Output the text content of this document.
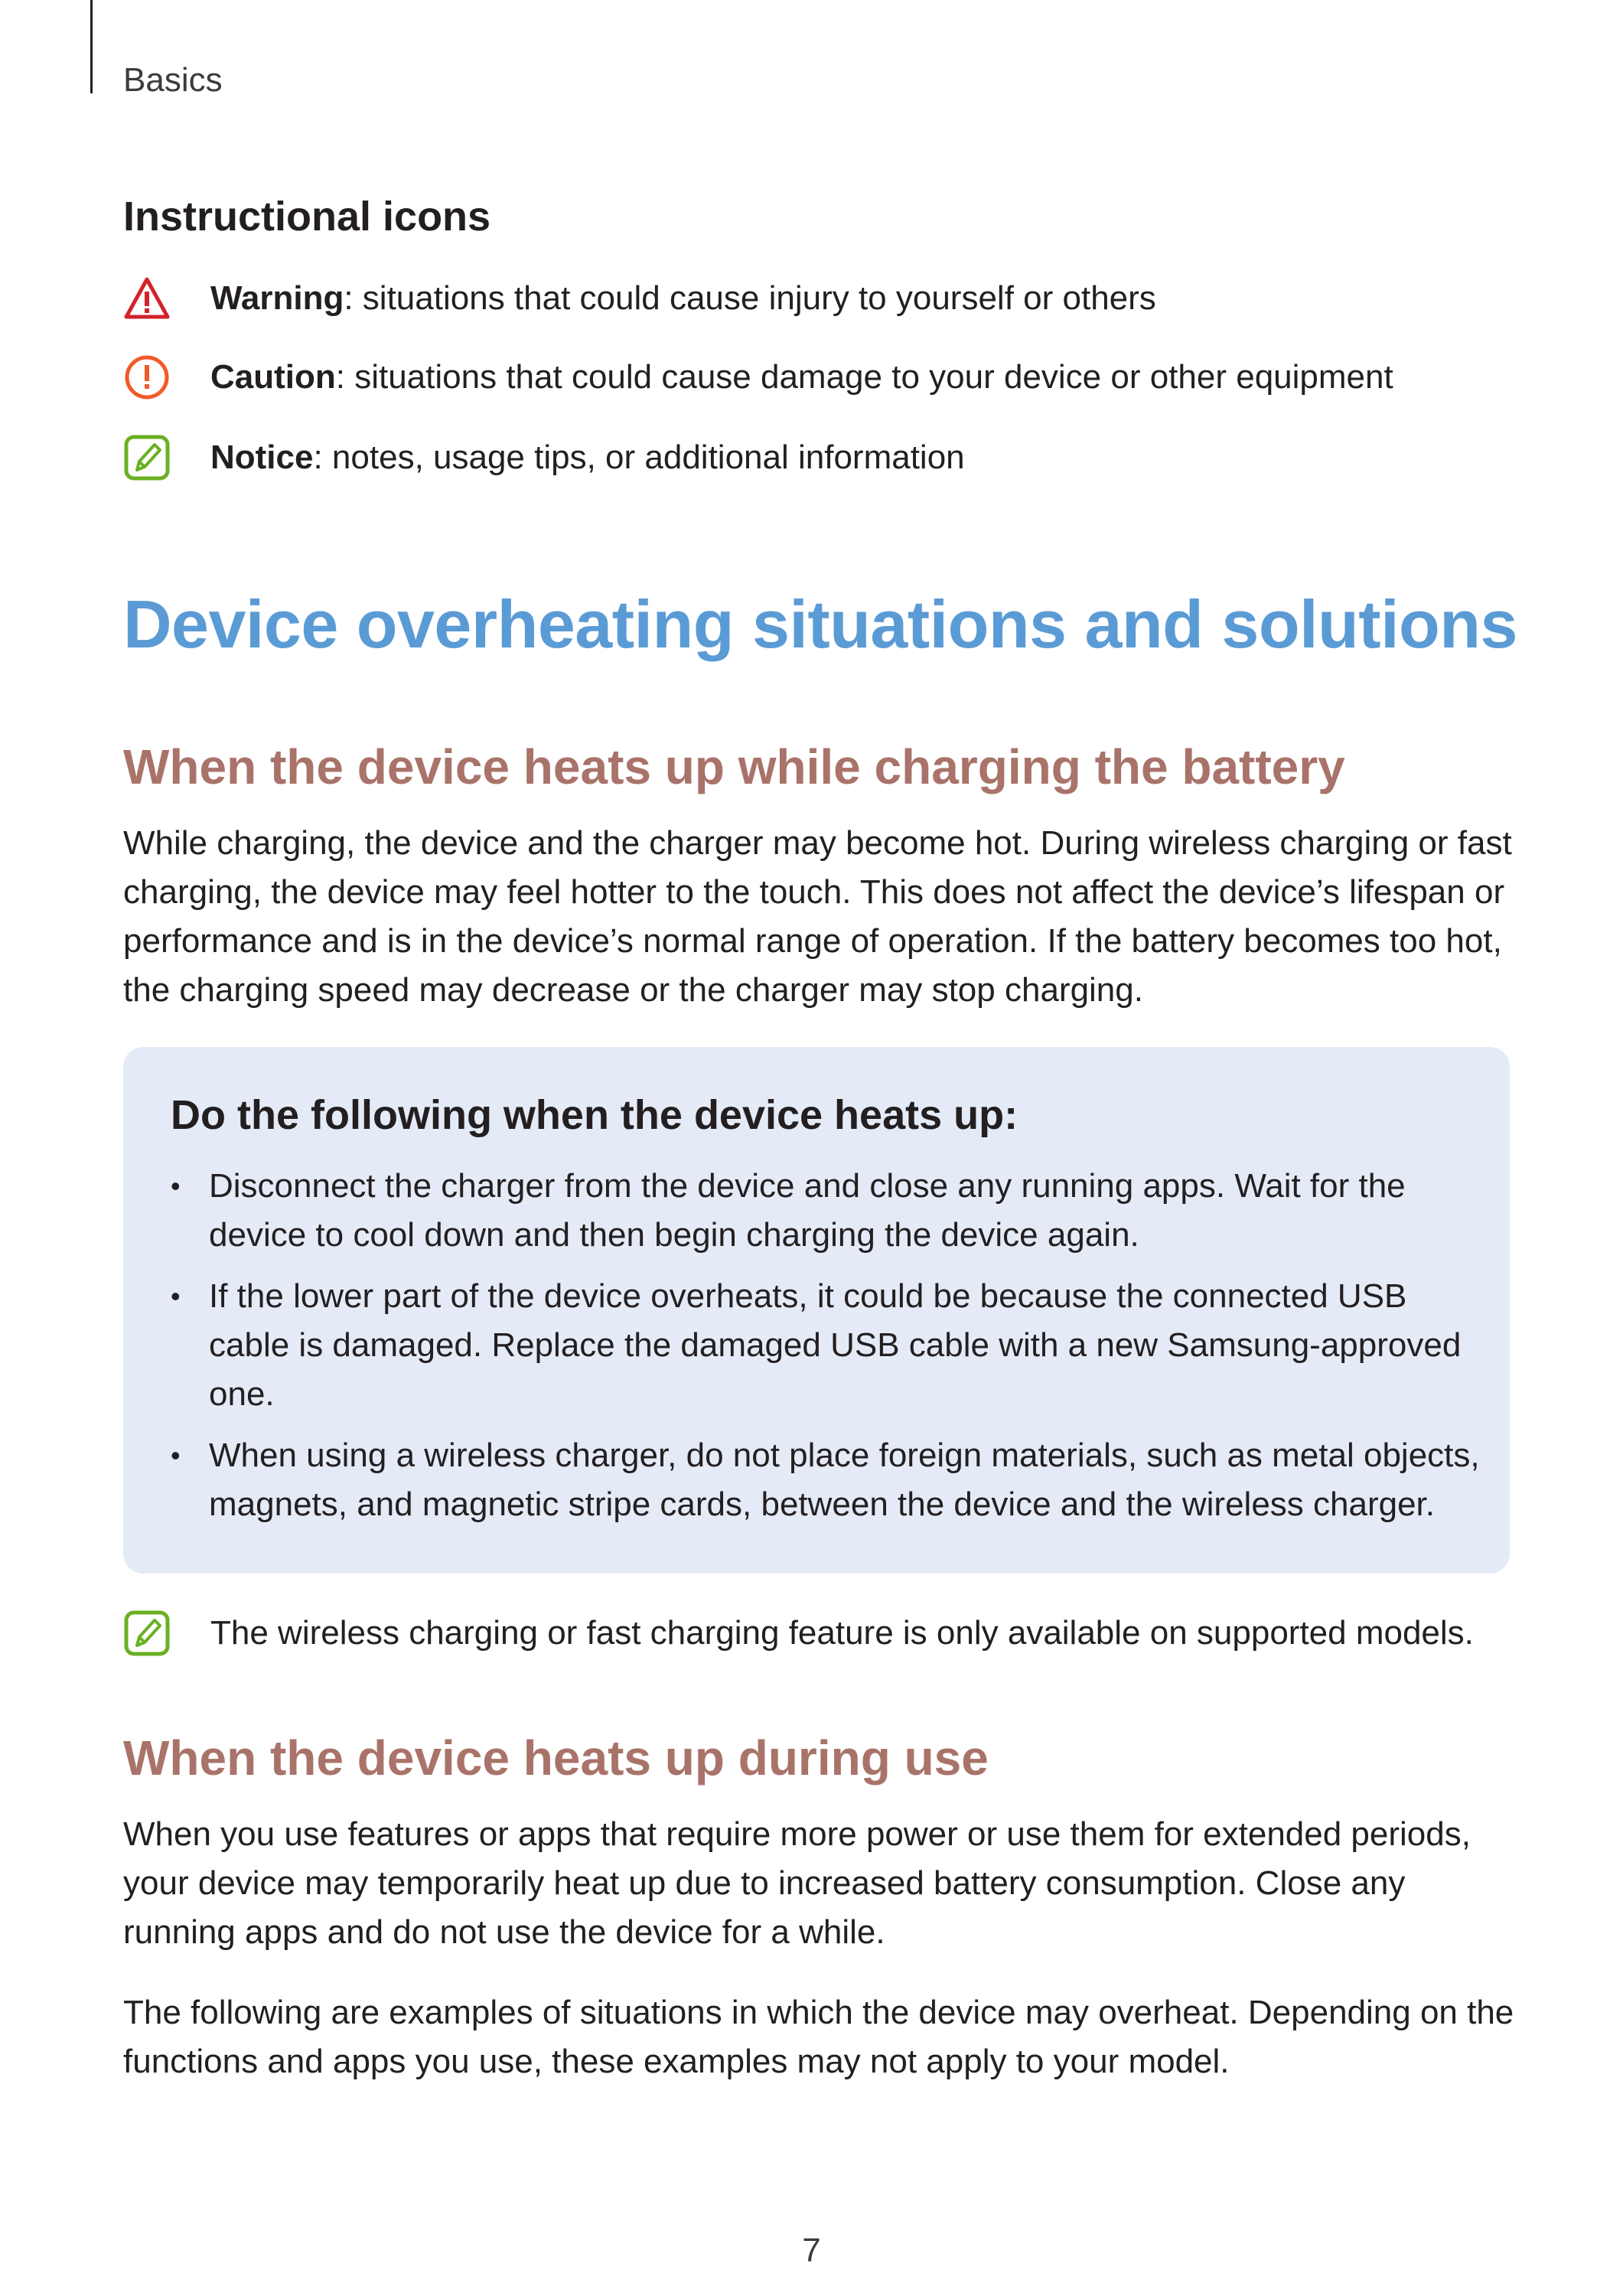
Basics
Instructional icons
Warning: situations that could cause injury to yourself or others
Caution: situations that could cause damage to your device or other equipment
Notice: notes, usage tips, or additional information
Device overheating situations and solutions
When the device heats up while charging the battery
While charging, the device and the charger may become hot. During wireless charging or fast charging, the device may feel hotter to the touch. This does not affect the device’s lifespan or performance and is in the device’s normal range of operation. If the battery becomes too hot, the charging speed may decrease or the charger may stop charging.
Do the following when the device heats up:
• Disconnect the charger from the device and close any running apps. Wait for the device to cool down and then begin charging the device again.
• If the lower part of the device overheats, it could be because the connected USB cable is damaged. Replace the damaged USB cable with a new Samsung-approved one.
• When using a wireless charger, do not place foreign materials, such as metal objects, magnets, and magnetic stripe cards, between the device and the wireless charger.
The wireless charging or fast charging feature is only available on supported models.
When the device heats up during use
When you use features or apps that require more power or use them for extended periods, your device may temporarily heat up due to increased battery consumption. Close any running apps and do not use the device for a while.
The following are examples of situations in which the device may overheat. Depending on the functions and apps you use, these examples may not apply to your model.
7
